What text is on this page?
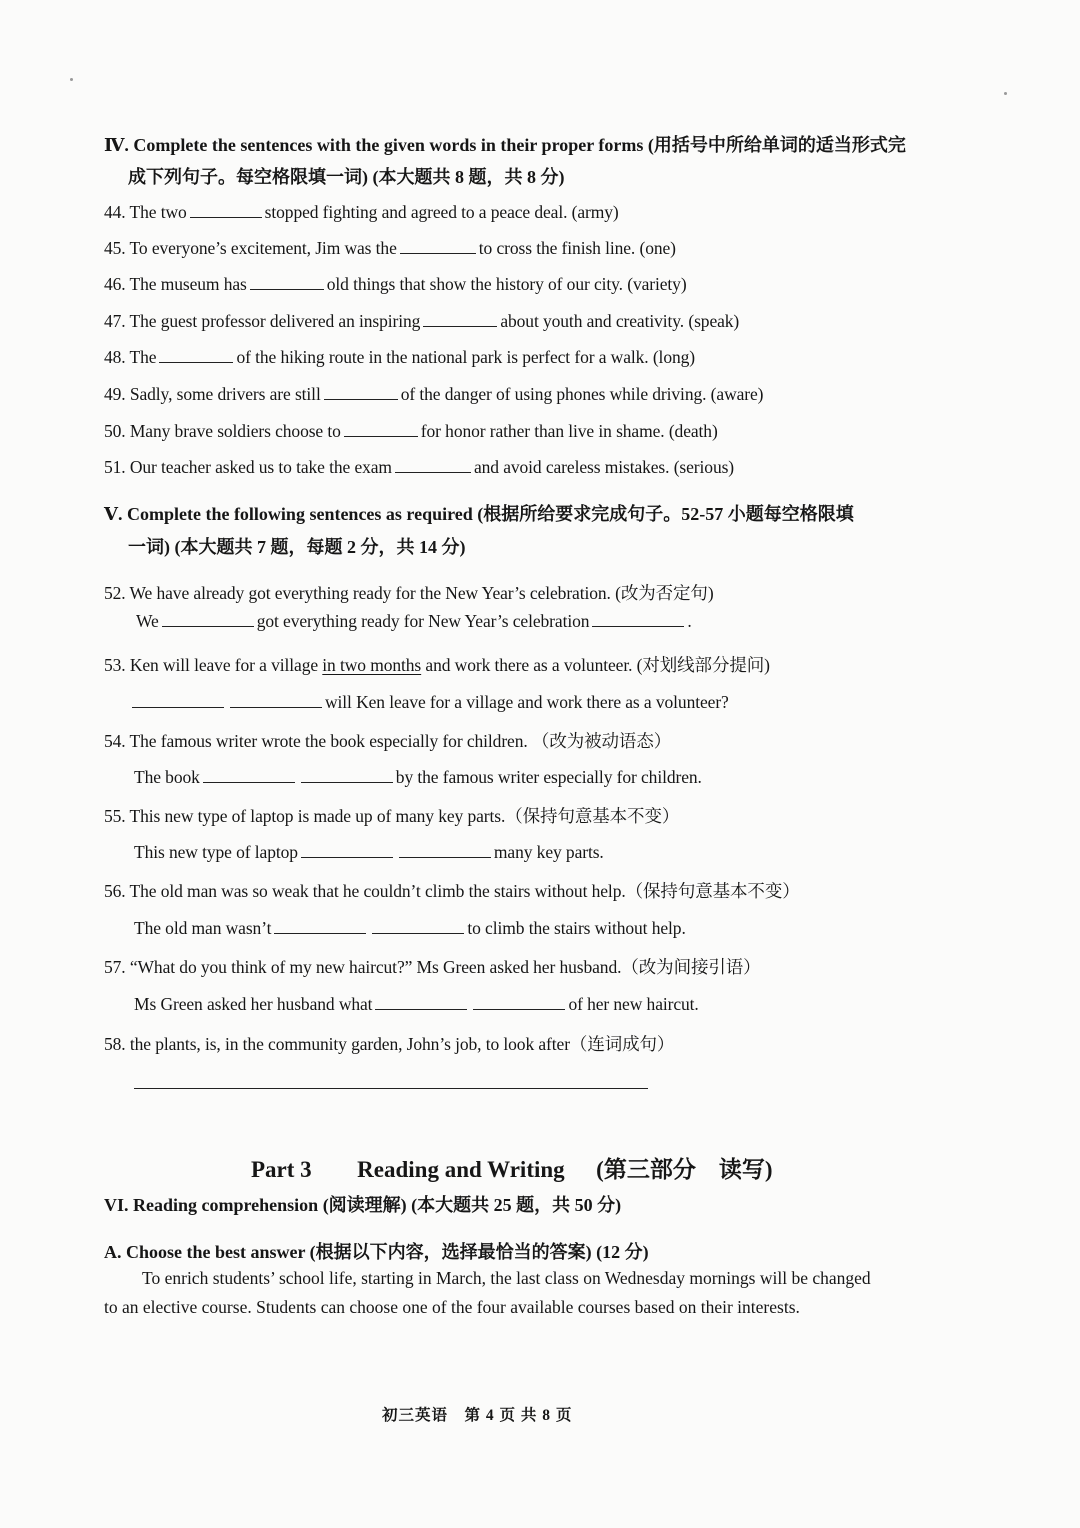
Ⅳ. Complete the sentences with the given words in their proper forms (用括号中所给单词的适当形式完
成下列句子。每空格限填一词) (本大题共 8 题，共 8 分)
44. The two	stopped fighting and agreed to a peace deal. (army)
45. To everyone’s excitement, Jim was the	to cross the finish line. (one)
46. The museum has	old things that show the history of our city. (variety)
47. The guest professor delivered an inspiring	about youth and creativity. (speak)
48. The	of the hiking route in the national park is perfect for a walk. (long)
49. Sadly, some drivers are still	of the danger of using phones while driving. (aware)
50. Many brave soldiers choose to	for honor rather than live in shame. (death)
51. Our teacher asked us to take the exam	and avoid careless mistakes. (serious)
Ⅴ. Complete the following sentences as required (根据所给要求完成句子。52-57 小题每空格限填
一词) (本大题共 7 题，每题 2 分，共 14 分)
52. We have already got everything ready for the New Year’s celebration. (改为否定句)
We	got everything ready for New Year’s celebration	.
53. Ken will leave for a village in two months and work there as a volunteer. (对划线部分提问)
will Ken leave for a village and work there as a volunteer?
54. The famous writer wrote the book especially for children. （改为被动语态）
The book	by the famous writer especially for children.
55. This new type of laptop is made up of many key parts.（保持句意基本不变）
This new type of laptop	many key parts.
56. The old man was so weak that he couldn’t climb the stairs without help.（保持句意基本不变）
The old man wasn’t	to climb the stairs without help.
57. “What do you think of my new haircut?” Ms Green asked her husband.（改为间接引语）
Ms Green asked her husband what	of her new haircut.
58. the plants, is, in the community garden, John’s job, to look after（连词成句）
Part 3 Reading and Writing (第三部分　读写)
VI. Reading comprehension (阅读理解) (本大题共 25 题，共 50 分)
A. Choose the best answer (根据以下内容，选择最恰当的答案) (12 分)
To enrich students’ school life, starting in March, the last class on Wednesday mornings will be changed
to an elective course. Students can choose one of the four available courses based on their interests.
初三英语　第 4 页 共 8 页
